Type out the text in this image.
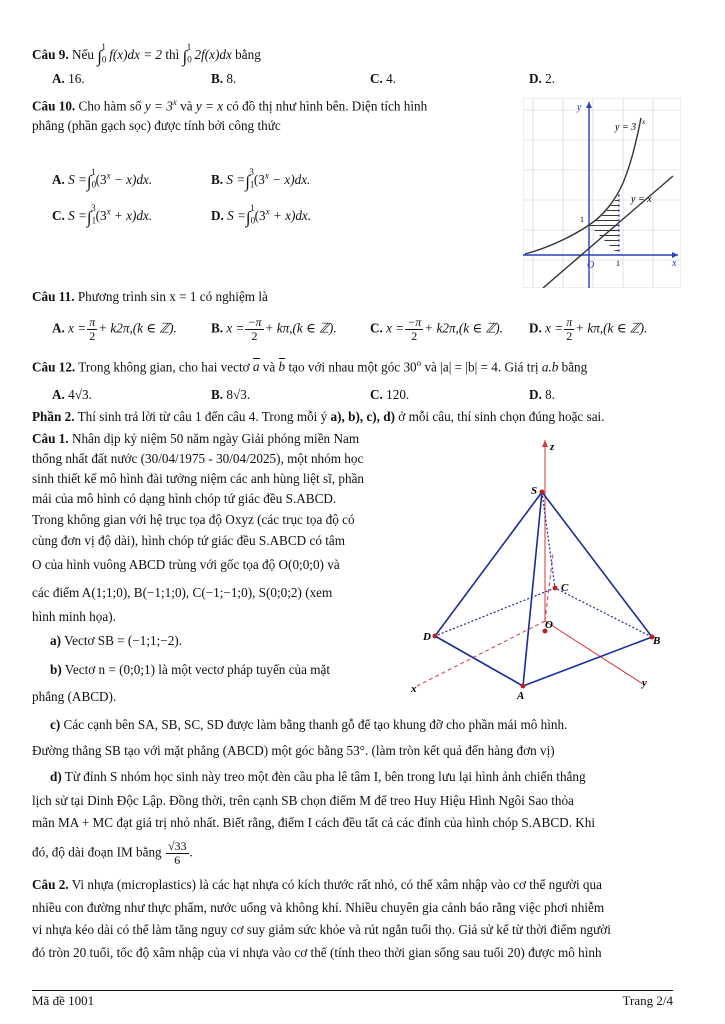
Câu 9. Nếu $\int_0^1$ f(x)dx = 2 thì $\int_0^1$ 2f(x)dx bằng
A. 16.	B. 8.	C. 4.	D. 2.
Câu 10. Cho hàm số $y = 3^x$ và y = x có đồ thị như hình bên. Diện tích hình
phẳng (phần gạch sọc) được tính bởi công thức
A. $S =\int_0^1(3^x - x)dx$.	B. $S =\int_1^3(3^x - x)dx$.
C. $S =\int_1^3(3^x + x)dx$.	D. $S =\int_0^1(3^x + x)dx$.
y = 3 x
y = x
x
y
O	1
1
Câu 11. Phương trình sin x = 1 có nghiệm là
A. $x = \frac{\pi}{2} + k2\pi,(k$ ∈ ℤ).	B. $x = \frac{-\pi}{2} + k\pi,(k$ ∈ ℤ).	C. $x = \frac{-\pi}{2} + k2\pi,(k$ ∈ ℤ). D. $x = \frac{\pi}{2} + k\pi,(k$ ∈ ℤ).
Câu 12. Trong không gian, cho hai vectơ a và b tạo với nhau một góc 30$^o$ và |a| = |b| = 4. Giá trị a.b bằng
A. 4√3.	B. 8√3.	C. 120.	D. 8.
Phần 2. Thí sinh trả lời từ câu 1 đến câu 4. Trong mỗi ý a), b), c), d) ở mỗi câu, thí sinh chọn đúng hoặc sai.
Câu 1. Nhân dịp kỷ niệm 50 năm ngày Giải phóng miền Nam
thống nhất đất nước (30/04/1975 - 30/04/2025), một nhóm học
sinh thiết kế mô hình đài tưởng niệm các anh hùng liệt sĩ, phần
mái của mô hình có dạng hình chóp tứ giác đều S.ABCD.
Trong không gian với hệ trục tọa độ Oxyz (các trục tọa độ có
cùng đơn vị độ dài), hình chóp tứ giác đều S.ABCD có tâm
O của hình vuông ABCD trùng với gốc tọa độ O(0;0;0) và
các điểm A(1;1;0), B(−1;1;0), C(−1;−1;0), S(0;0;2) (xem
hình minh họa).
a) Vectơ SB = (−1;1;−2).
b) Vectơ n = (0;0;1) là một vectơ pháp tuyến của mặt
phẳng (ABCD).
c) Các cạnh bên SA, SB, SC, SD được làm bằng thanh gỗ để tạo khung đỡ cho phần mái mô hình.
Đường thẳng SB tạo với mặt phẳng (ABCD) một góc bằng 53°. (làm tròn kết quả đến hàng đơn vị)
d) Từ đỉnh S nhóm học sinh này treo một đèn cầu pha lê tâm I, bên trong lưu lại hình ảnh chiến thắng
lịch sử tại Dinh Độc Lập. Đồng thời, trên cạnh SB chọn điểm M để treo Huy Hiệu Hình Ngôi Sao thỏa
mãn MA + MC đạt giá trị nhỏ nhất. Biết rằng, điểm I cách đều tất cả các đỉnh của hình chóp S.ABCD. Khi
đó, độ dài đoạn IM bằng $\frac{√33}{6}$ .
S
D
A
B
C
O
x	y
z
Câu 2. Vi nhựa (microplastics) là các hạt nhựa có kích thước rất nhỏ, có thể xâm nhập vào cơ thể người qua
nhiều con đường như thực phẩm, nước uống và không khí. Nhiều chuyên gia cảnh báo rằng việc phơi nhiễm
vi nhựa kéo dài có thể làm tăng nguy cơ suy giảm sức khỏe và rút ngắn tuổi thọ. Giả sử kể từ thời điểm người
đó tròn 20 tuổi, tốc độ xâm nhập của vi nhựa vào cơ thể (tính theo thời gian sống sau tuổi 20) được mô hình
Mã đề 1001	Trang 2/4
